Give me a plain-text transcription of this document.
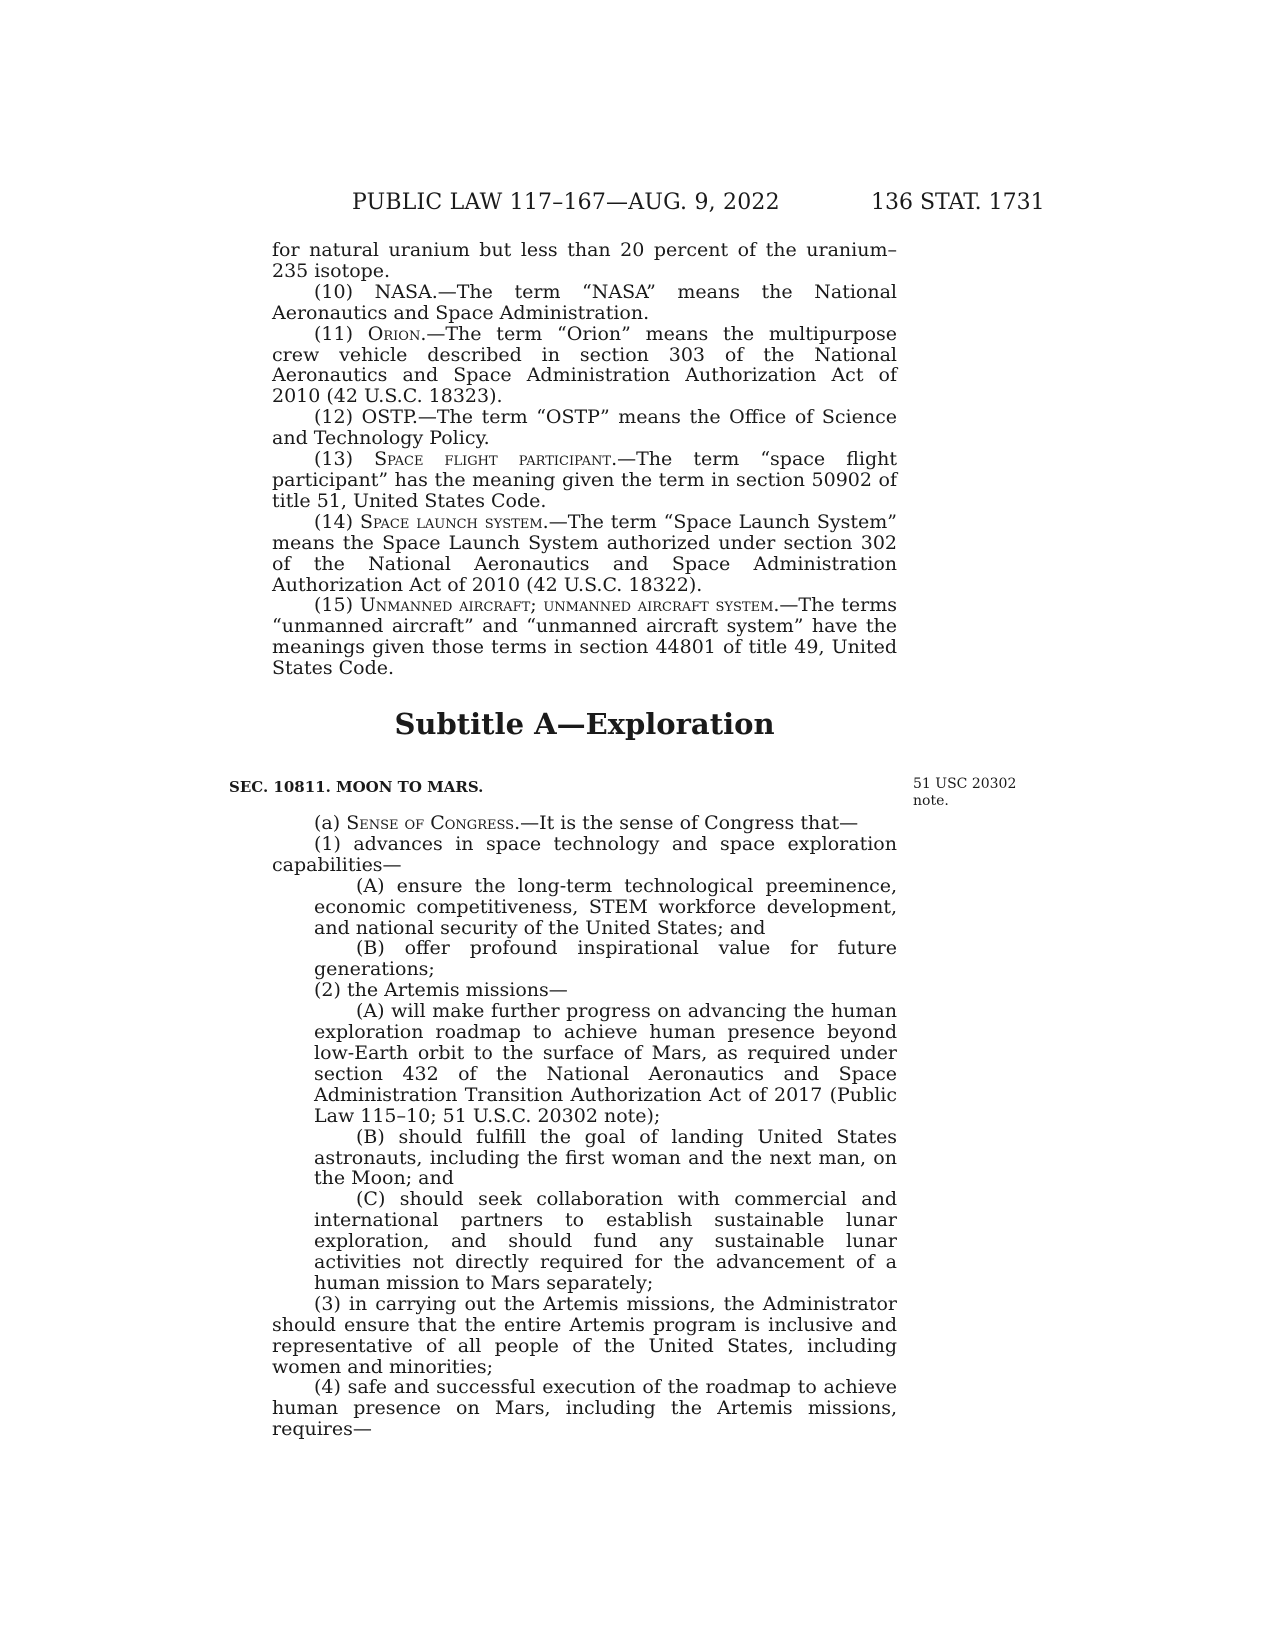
PUBLIC LAW 117–167—AUG. 9, 2022	136 STAT. 1731

for natural uranium but less than 20 percent of the uranium–235 isotope.

(10) NASA.—The term “NASA” means the National Aeronautics and Space Administration.

(11) Orion.—The term “Orion” means the multipurpose crew vehicle described in section 303 of the National Aeronautics and Space Administration Authorization Act of 2010 (42 U.S.C. 18323).

(12) OSTP.—The term “OSTP” means the Office of Science and Technology Policy.

(13) Space flight participant.—The term “space flight participant” has the meaning given the term in section 50902 of title 51, United States Code.

(14) Space launch system.—The term “Space Launch System” means the Space Launch System authorized under section 302 of the National Aeronautics and Space Administration Authorization Act of 2010 (42 U.S.C. 18322).

(15) Unmanned aircraft; unmanned aircraft system.—The terms “unmanned aircraft” and “unmanned aircraft system” have the meanings given those terms in section 44801 of title 49, United States Code.

Subtitle A—Exploration
SEC. 10811. MOON TO MARS.	51 USC 20302 note.

(a) Sense of Congress.—It is the sense of Congress that—

(1) advances in space technology and space exploration capabilities—

(A) ensure the long-term technological preeminence, economic competitiveness, STEM workforce development, and national security of the United States; and

(B) offer profound inspirational value for future generations;

(2) the Artemis missions—

(A) will make further progress on advancing the human exploration roadmap to achieve human presence beyond low-Earth orbit to the surface of Mars, as required under section 432 of the National Aeronautics and Space Administration Transition Authorization Act of 2017 (Public Law 115–10; 51 U.S.C. 20302 note);

(B) should fulfill the goal of landing United States astronauts, including the first woman and the next man, on the Moon; and

(C) should seek collaboration with commercial and international partners to establish sustainable lunar exploration, and should fund any sustainable lunar activities not directly required for the advancement of a human mission to Mars separately;

(3) in carrying out the Artemis missions, the Administrator should ensure that the entire Artemis program is inclusive and representative of all people of the United States, including women and minorities;

(4) safe and successful execution of the roadmap to achieve human presence on Mars, including the Artemis missions, requires—
